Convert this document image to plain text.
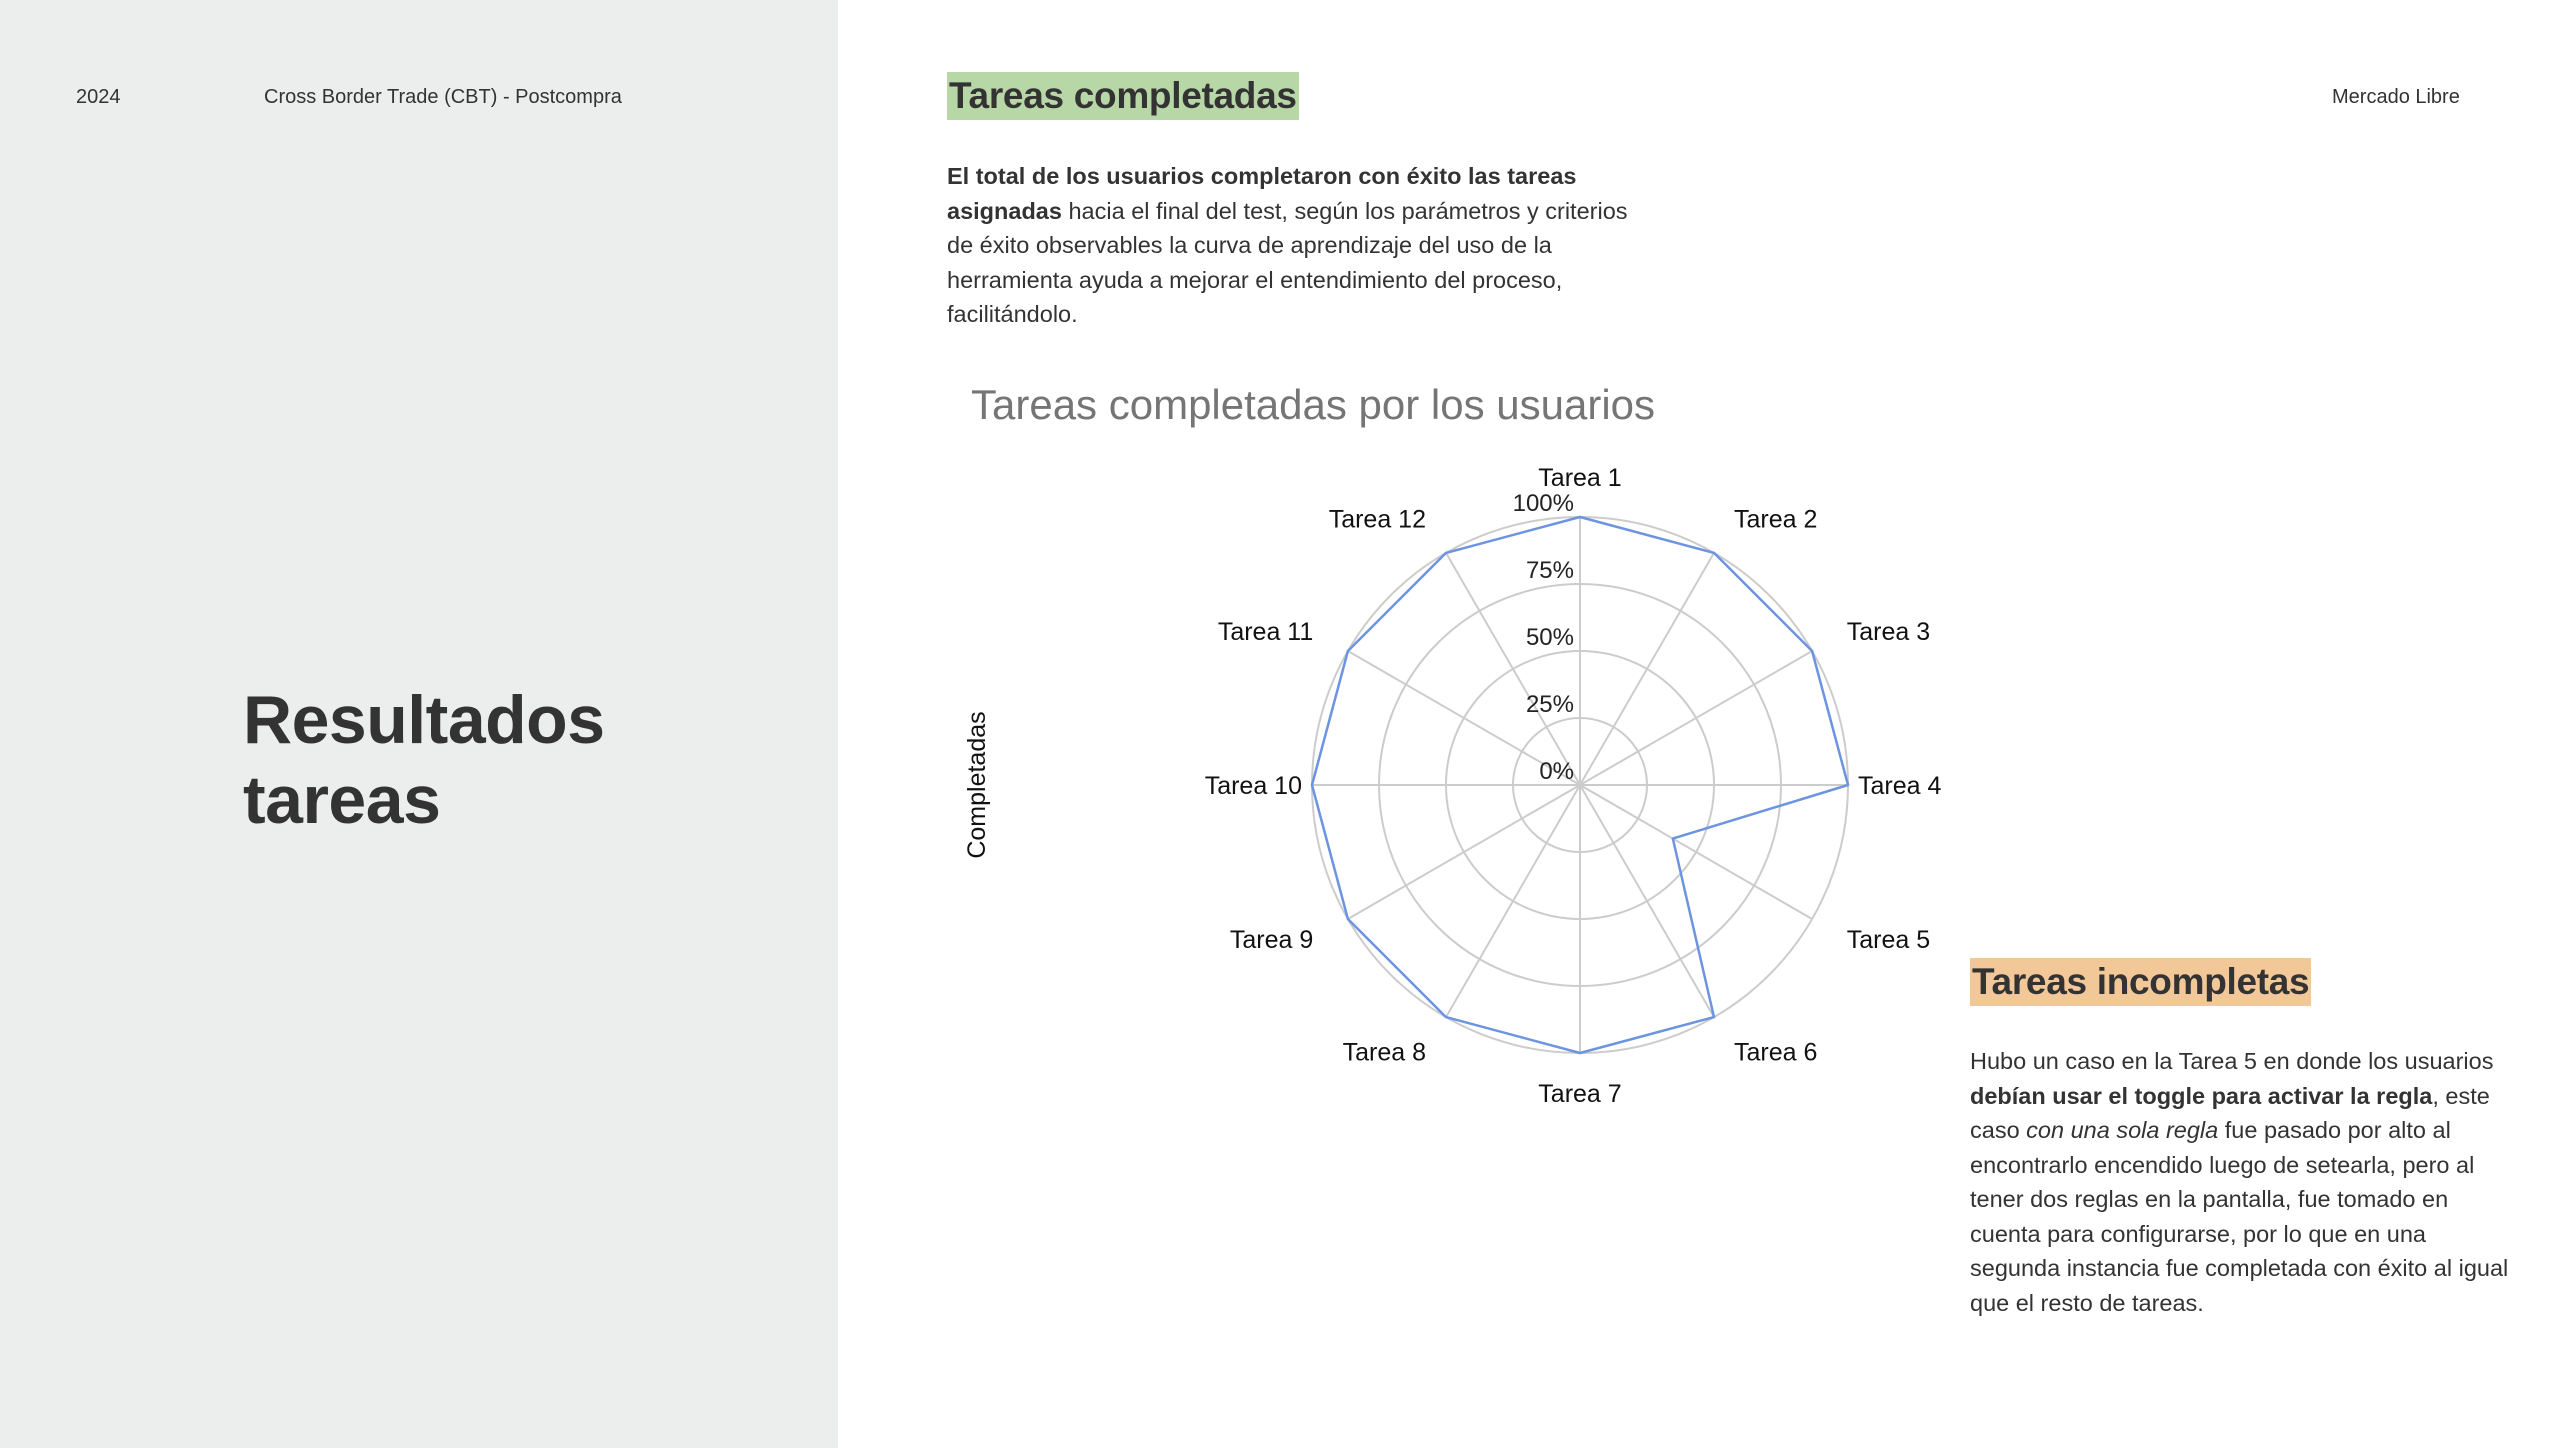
2024	Cross Border Trade (CBT) - Postcompra	Mercado Libre
Resultados
tareas
Tareas completadas

El total de los usuarios completaron con éxito las tareas asignadas hacia el final del test, según los parámetros y criterios de éxito observables la curva de aprendizaje del uso de la herramienta ayuda a mejorar el entendimiento del proceso, facilitándolo.

Tareas completadas por los usuarios
0%
25%
50%
75%
100%
Tarea 1
Tarea 2
Tarea 3
Tarea 4
Tarea 5
Tarea 6
Tarea 7
Tarea 8
Tarea 9
Tarea 10
Tarea 11
Tarea 12
Completadas
Tareas incompletas

Hubo un caso en la Tarea 5 en donde los usuarios debían usar el toggle para activar la regla, este caso con una sola regla fue pasado por alto al encontrarlo encendido luego de setearla, pero al tener dos reglas en la pantalla, fue tomado en cuenta para configurarse, por lo que en una segunda instancia fue completada con éxito al igual que el resto de tareas.
